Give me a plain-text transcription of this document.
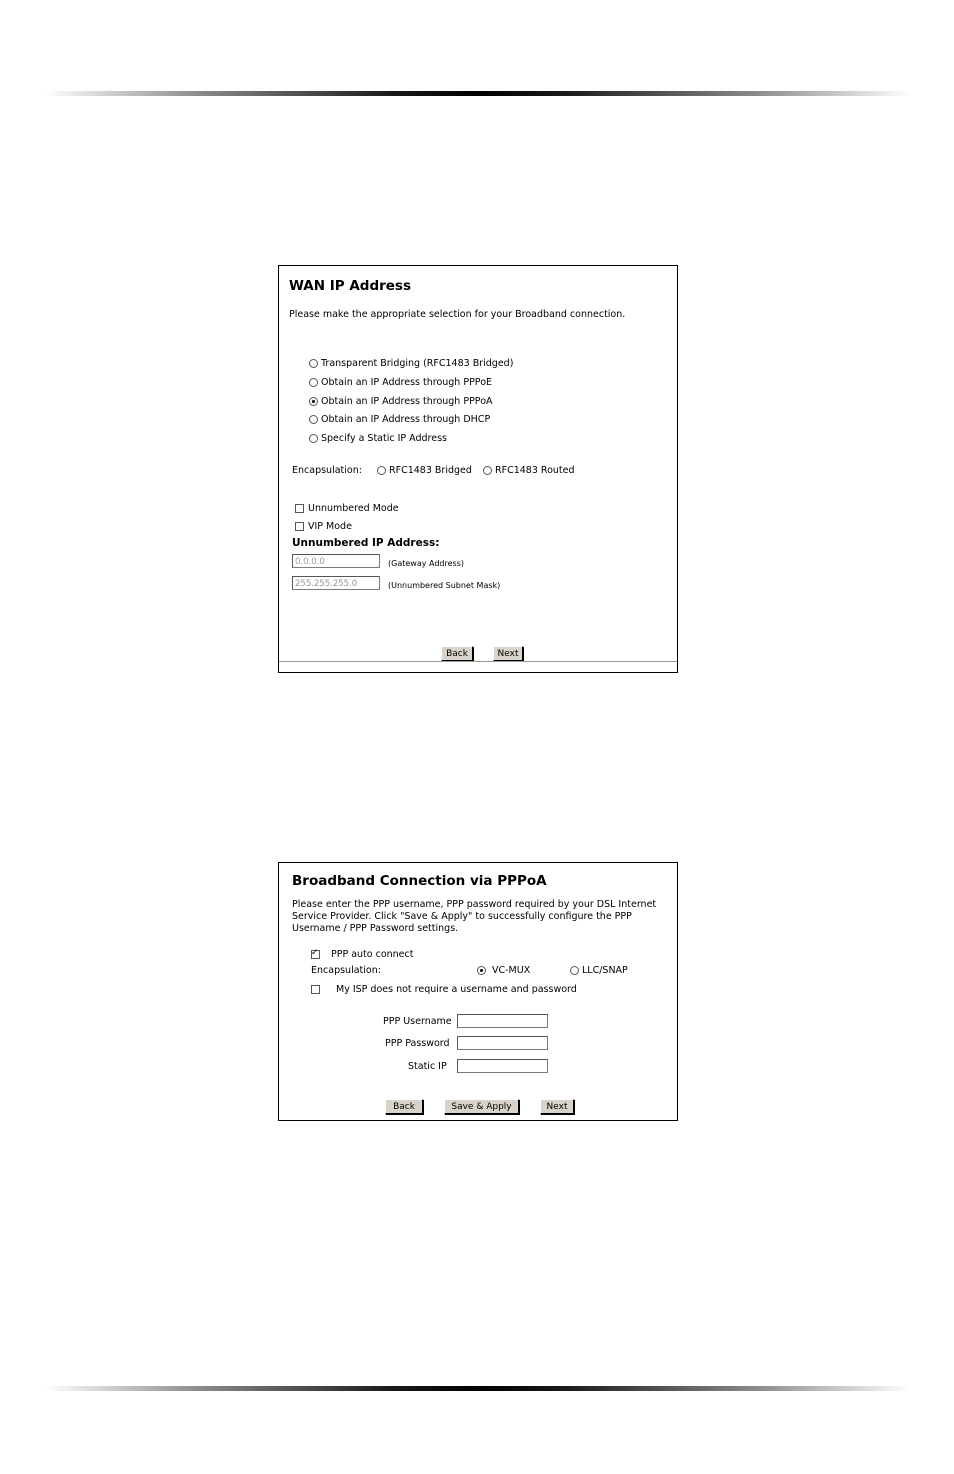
WAN IP Address
Please make the appropriate selection for your Broadband connection.
Transparent Bridging (RFC1483 Bridged)
Obtain an IP Address through PPPoE
Obtain an IP Address through PPPoA
Obtain an IP Address through DHCP
Specify a Static IP Address
Encapsulation:	RFC1483 Bridged	RFC1483 Routed
Unnumbered Mode
VIP Mode
Unnumbered IP Address:
0.0.0.0	(Gateway Address)
255.255.255.0	(Unnumbered Subnet Mask)
Back	Next
Broadband Connection via PPPoA
Please enter the PPP username, PPP password required by your DSL Internet
Service Provider. Click "Save & Apply" to successfully configure the PPP
Username / PPP Password settings.
✓PPP auto connect
Encapsulation:	VC-MUX	LLC/SNAP
My ISP does not require a username and password
PPP Username
PPP Password
Static IP
Back	Save & Apply	Next
